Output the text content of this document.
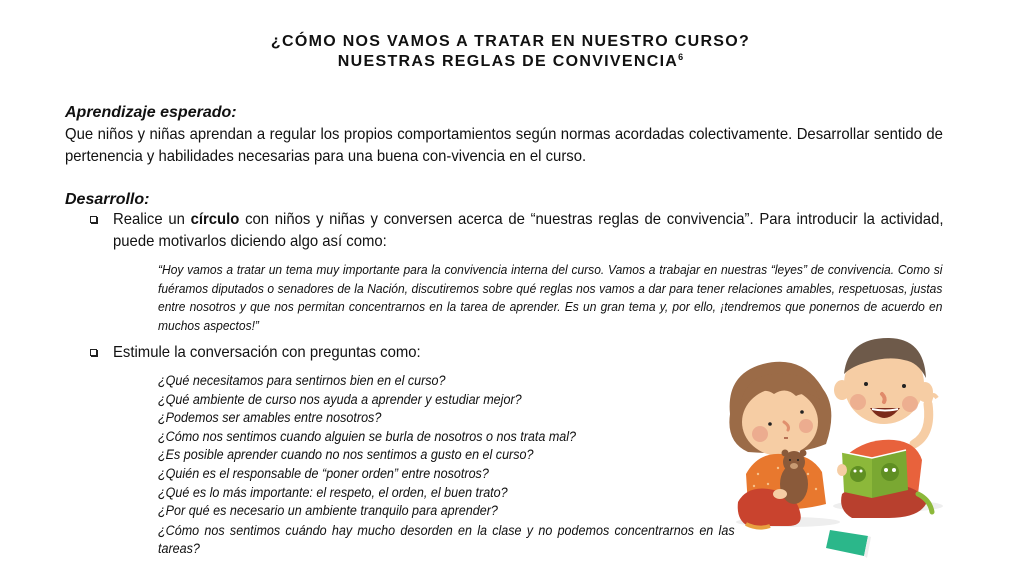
¿CÓMO NOS VAMOS A TRATAR EN NUESTRO CURSO?
NUESTRAS REGLAS DE CONVIVENCIA$^6$
Aprendizaje esperado:
Que niños y niñas aprendan a regular los propios comportamientos según normas acordadas colectivamente. Desarrollar sentido de pertenencia y habilidades necesarias para una buena con-vivencia en el curso.
Desarrollo:
Realice un círculo con niños y niñas y conversen acerca de “nuestras reglas de convivencia”. Para introducir la actividad, puede motivarlos diciendo algo así como:
“Hoy vamos a tratar un tema muy importante para la convivencia interna del curso. Vamos a trabajar en nuestras “leyes” de convivencia. Como si fuéramos diputados o senadores de la Nación, discutiremos sobre qué reglas nos vamos a dar para tener relaciones amables, respetuosas, justas entre nosotros y que nos permitan concentrarnos en la tarea de aprender. Es un gran tema y, por ello, ¡tendremos que ponernos de acuerdo en muchos aspectos!”
Estimule la conversación con preguntas como:
¿Qué necesitamos para sentirnos bien en el curso?
¿Qué ambiente de curso nos ayuda a aprender y estudiar mejor?
¿Podemos ser amables entre nosotros?
¿Cómo nos sentimos cuando alguien se burla de nosotros o nos trata mal?
¿Es posible aprender cuando no nos sentimos a gusto en el curso?
¿Quién es el responsable de “poner orden” entre nosotros?
¿Qué es lo más importante: el respeto, el orden, el buen trato?
¿Por qué es necesario un ambiente tranquilo para aprender?
¿Cómo nos sentimos cuándo hay mucho desorden en la clase y no podemos concentrarnos en las tareas?
